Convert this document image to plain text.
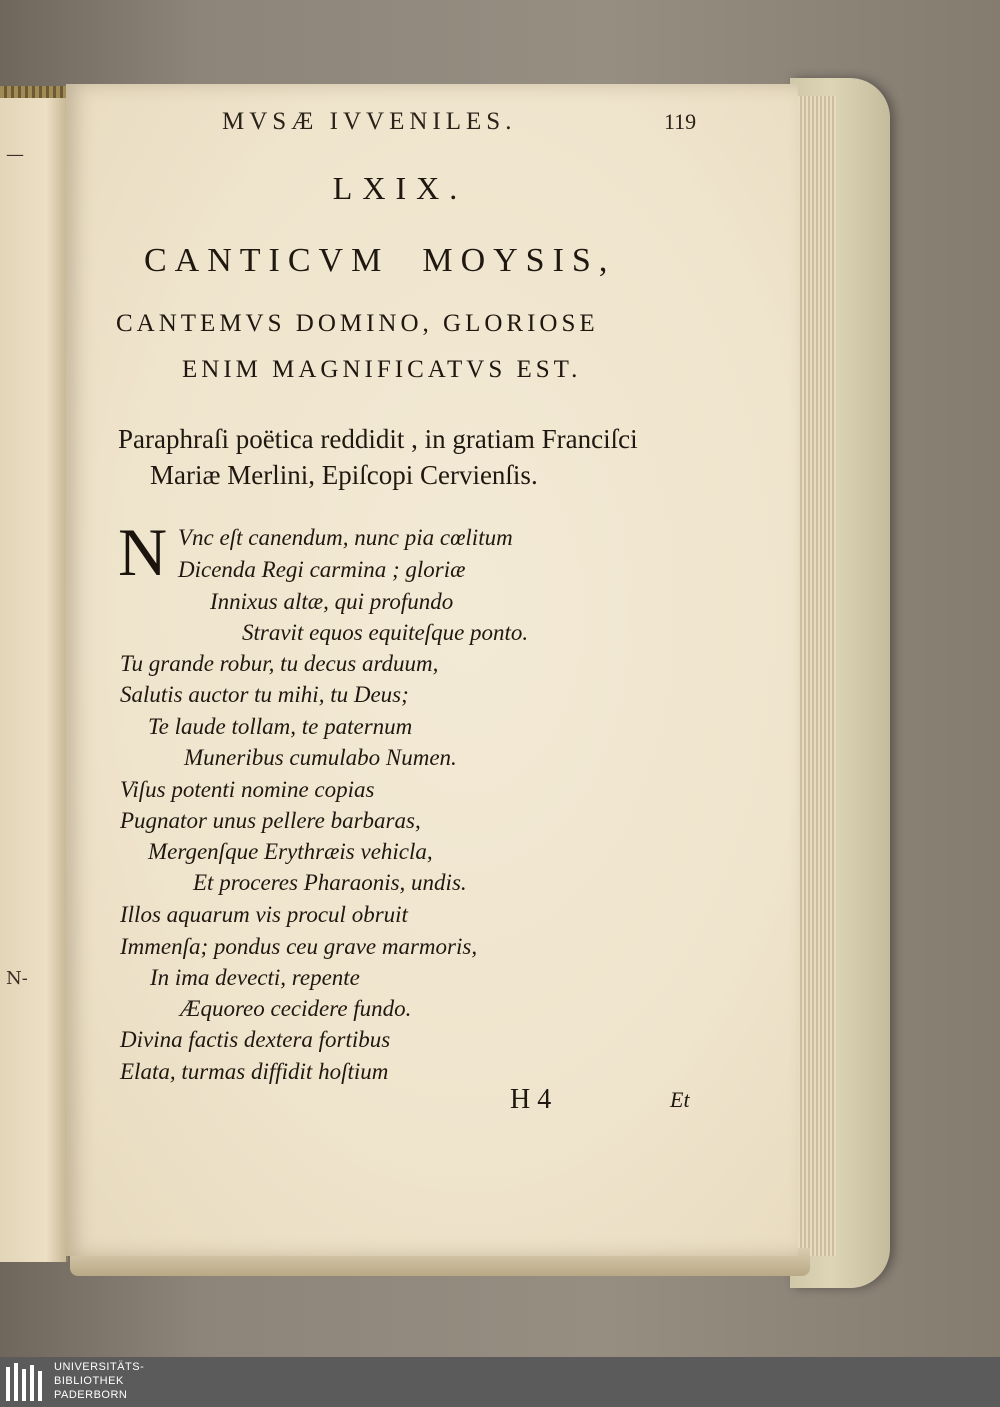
—
N-
MVSÆ IVVENILES.	119
LXIX.
CANTICVM  MOYSIS,
CANTEMVS DOMINO, GLORIOSE
ENIM MAGNIFICATVS EST.
Paraphraſi poëtica reddidit , in gratiam Franciſci
Mariæ Merlini, Epiſcopi Cervienſis.
N Vnc eſt canendum, nunc pia cœlitum
Dicenda Regi carmina ; gloriæ
Innixus altæ, qui profundo
Stravit equos equiteſque ponto.
Tu grande robur, tu decus arduum,
Salutis auctor tu mihi, tu Deus;
Te laude tollam, te paternum
Muneribus cumulabo Numen.
Viſus potenti nomine copias
Pugnator unus pellere barbaras,
Mergenſque Erythræis vehicla,
Et proceres Pharaonis, undis.
Illos aquarum vis procul obruit
Immenſa; pondus ceu grave marmoris,
In ima devecti, repente
Æquoreo cecidere fundo.
Divina factis dextera fortibus
Elata, turmas diffidit hoſtium
H 4	Et
UNIVERSITÄTS-
BIBLIOTHEK
PADERBORN
